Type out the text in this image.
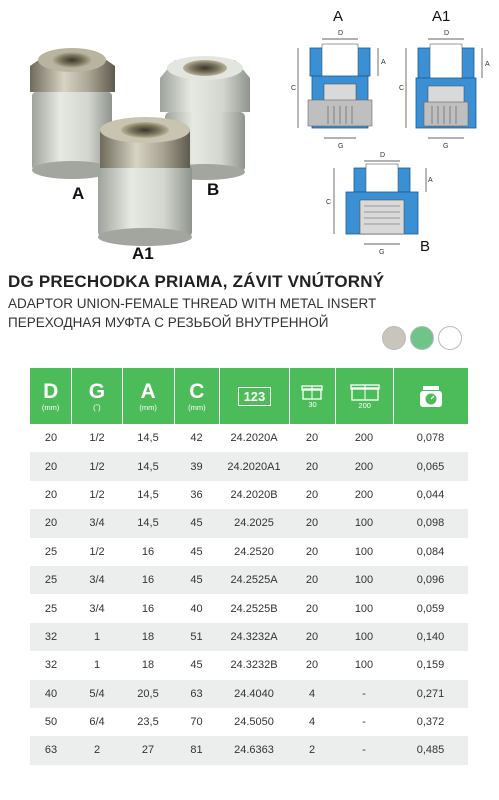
A	B
A1
A	A1
B
D
C
A
G
D
C
A
G
D
C
A
G
DG PRECHODKA PRIAMA, ZÁVIT VNÚTORNÝ
ADAPTOR UNION-FEMALE THREAD WITH METAL INSERT
ПЕРЕХОДНАЯ МУФТА С РЕЗЬБОЙ ВНУТРЕННОЙ
D
(mm)
G
(˝)
A
(mm)
C
(mm)
123
30	200
20	1/2	14,5	42	24.2020A	20	200	0,078
20	1/2	14,5	39	24.2020A1	20	200	0,065
20	1/2	14,5	36	24.2020B	20	200	0,044
20	3/4	14,5	45	24.2025	20	100	0,098
25	1/2	16	45	24.2520	20	100	0,084
25	3/4	16	45	24.2525A	20	100	0,096
25	3/4	16	40	24.2525B	20	100	0,059
32	1	18	51	24.3232A	20	100	0,140
32	1	18	45	24.3232B	20	100	0,159
40	5/4	20,5	63	24.4040	4	-	0,271
50	6/4	23,5	70	24.5050	4	-	0,372
63	2	27	81	24.6363	2	-	0,485
